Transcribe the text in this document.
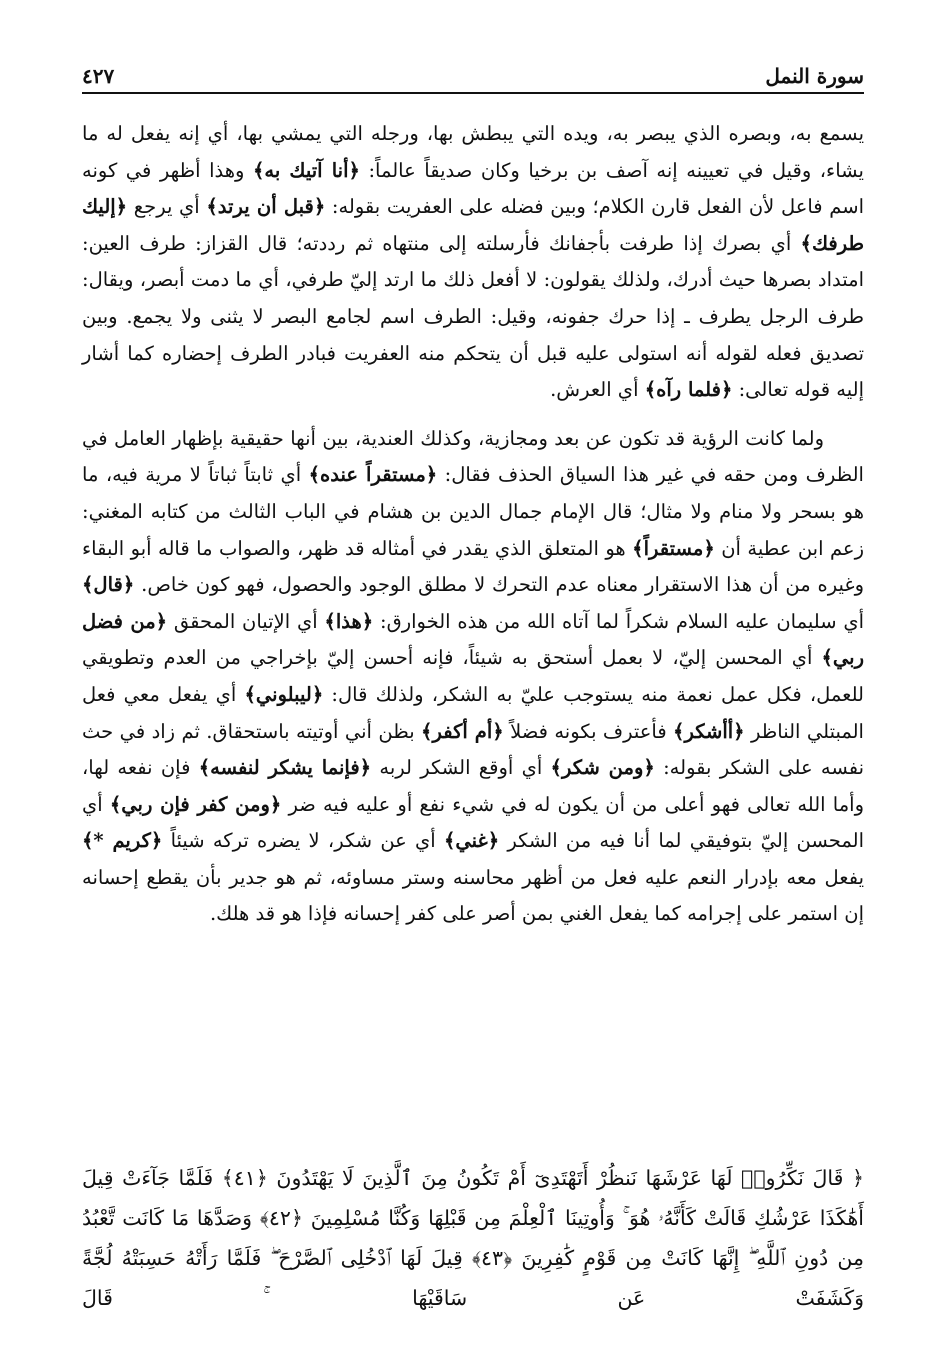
سورة النمل
٤٢٧

يسمع به، وبصره الذي يبصر به، ويده التي يبطش بها، ورجله التي يمشي بها، أي إنه يفعل له ما يشاء، وقيل في تعيينه إنه آصف بن برخيا وكان صديقاً عالماً: ﴿أنا آتيك به﴾ وهذا أظهر في كونه اسم فاعل لأن الفعل قارن الكلام؛ وبين فضله على العفريت بقوله: ﴿قبل أن يرتد﴾ أي يرجع ﴿إليك طرفك﴾ أي بصرك إذا طرفت بأجفانك فأرسلته إلى منتهاه ثم رددته؛ قال القزاز: طرف العين: امتداد بصرها حيث أدرك، ولذلك يقولون: لا أفعل ذلك ما ارتد إليّ طرفي، أي ما دمت أبصر، ويقال: طرف الرجل يطرف ـ إذا حرك جفونه، وقيل: الطرف اسم لجامع البصر لا يثنى ولا يجمع. وبين تصديق فعله لقوله أنه استولى عليه قبل أن يتحكم منه العفريت فبادر الطرف إحضاره كما أشار إليه قوله تعالى: ﴿فلما رآه﴾ أي العرش.

ولما كانت الرؤية قد تكون عن بعد ومجازية، وكذلك العندية، بين أنها حقيقية بإظهار العامل في الظرف ومن حقه في غير هذا السياق الحذف فقال: ﴿مستقراً عنده﴾ أي ثابتاً ثباتاً لا مرية فيه، ما هو بسحر ولا منام ولا مثال؛ قال الإمام جمال الدين بن هشام في الباب الثالث من كتابه المغني: زعم ابن عطية أن ﴿مستقراً﴾ هو المتعلق الذي يقدر في أمثاله قد ظهر، والصواب ما قاله أبو البقاء وغيره من أن هذا الاستقرار معناه عدم التحرك لا مطلق الوجود والحصول، فهو كون خاص. ﴿قال﴾ أي سليمان عليه السلام شكراً لما آتاه الله من هذه الخوارق: ﴿هذا﴾ أي الإتيان المحقق ﴿من فضل ربي﴾ أي المحسن إليّ، لا بعمل أستحق به شيئاً، فإنه أحسن إليّ بإخراجي من العدم وتطويقي للعمل، فكل عمل نعمة منه يستوجب عليّ به الشكر، ولذلك قال: ﴿ليبلوني﴾ أي يفعل معي فعل المبتلي الناظر ﴿أأشكر﴾ فأعترف بكونه فضلاً ﴿أم أكفر﴾ بظن أني أوتيته باستحقاق. ثم زاد في حث نفسه على الشكر بقوله: ﴿ومن شكر﴾ أي أوقع الشكر لربه ﴿فإنما يشكر لنفسه﴾ فإن نفعه لها، وأما الله تعالى فهو أعلى من أن يكون له في شيء نفع أو عليه فيه ضر ﴿ومن كفر فإن ربي﴾ أي المحسن إليّ بتوفيقي لما أنا فيه من الشكر ﴿غني﴾ أي عن شكر، لا يضره تركه شيئاً ﴿كريم *﴾ يفعل معه بإدرار النعم عليه فعل من أظهر محاسنه وستر مساوئه، ثم هو جدير بأن يقطع إحسانه إن استمر على إجرامه كما يفعل الغني بمن أصر على كفر إحسانه فإذا هو قد هلك.

﴿ قَالَ نَكِّرُوا۟ لَهَا عَرْشَهَا نَنظُرْ أَتَهْتَدِىٓ أَمْ تَكُونُ مِنَ ٱلَّذِينَ لَا يَهْتَدُونَ ﴿٤١﴾ فَلَمَّا جَآءَتْ قِيلَ أَهَٰكَذَا عَرْشُكِ قَالَتْ كَأَنَّهُۥ هُوَ ۚ وَأُوتِينَا ٱلْعِلْمَ مِن قَبْلِهَا وَكُنَّا مُسْلِمِينَ ﴿٤٢﴾ وَصَدَّهَا مَا كَانَت تَّعْبُدُ مِن دُونِ ٱللَّهِ ۖ إِنَّهَا كَانَتْ مِن قَوْمٍ كَٰفِرِينَ ﴿٤٣﴾ قِيلَ لَهَا ٱدْخُلِى ٱلصَّرْحَ ۖ فَلَمَّا رَأَتْهُ حَسِبَتْهُ لُجَّةً وَكَشَفَتْ عَن سَاقَيْهَا ۚ قَالَ
